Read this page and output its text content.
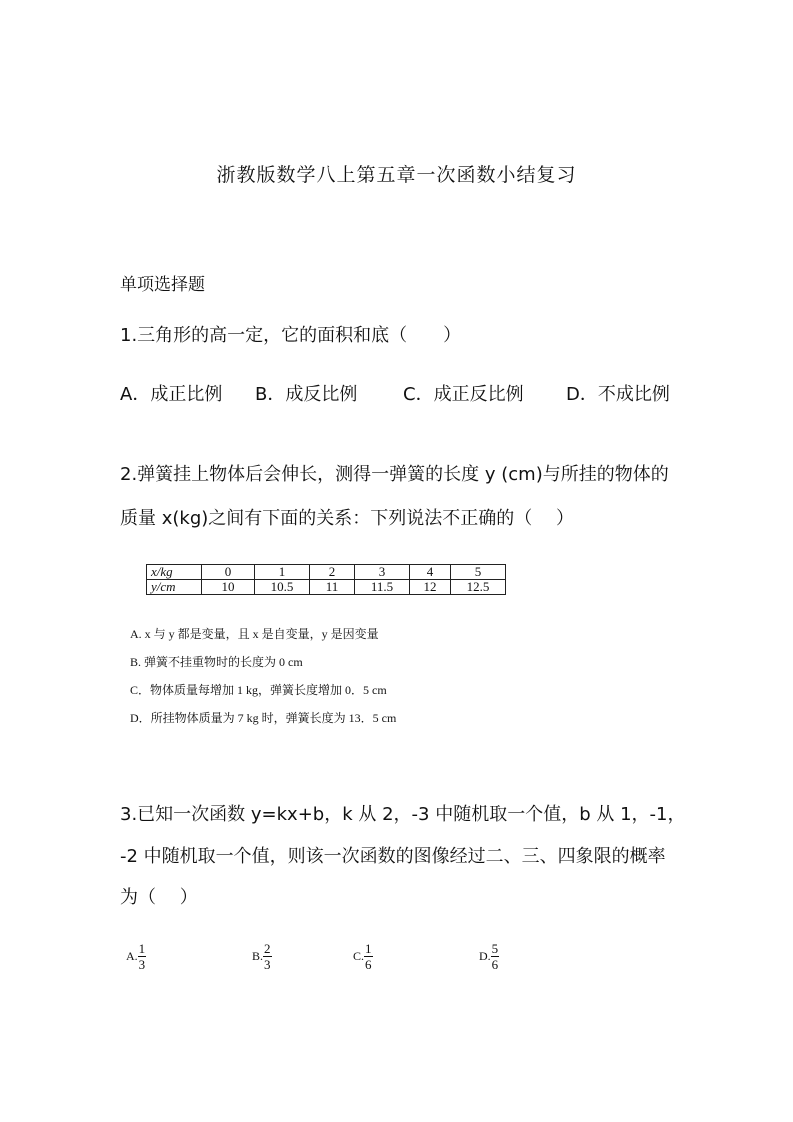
浙教版数学八上第五章一次函数小结复习
单项选择题
1.三角形的高一定，它的面积和底（　　）
A．成正比例 B．成反比例	C．成正反比例 D．不成比例
2.弹簧挂上物体后会伸长，测得一弹簧的长度 y (cm)与所挂的物体的
质量 x(kg)之间有下面的关系：下列说法不正确的（　 ）
x/kg	0	1	2	3	4	5
y/cm	10	10.5	11	11.5	12	12.5
A. x 与 y 都是变量，且 x 是自变量，y 是因变量
B. 弹簧不挂重物时的长度为 0 cm
C．物体质量每增加 1 kg，弹簧长度增加 0．5 cm
D．所挂物体质量为 7 kg 时，弹簧长度为 13．5 cm
3.已知一次函数 y=kx+b，k 从 2，-3 中随机取一个值，b 从 1，-1，
-2 中随机取一个值，则该一次函数的图像经过二、三、四象限的概率
为（　 ）
A. $\frac{1}{3}$	B. $\frac{2}{3}$	C. $\frac{1}{6}$	D. $\frac{5}{6}$
